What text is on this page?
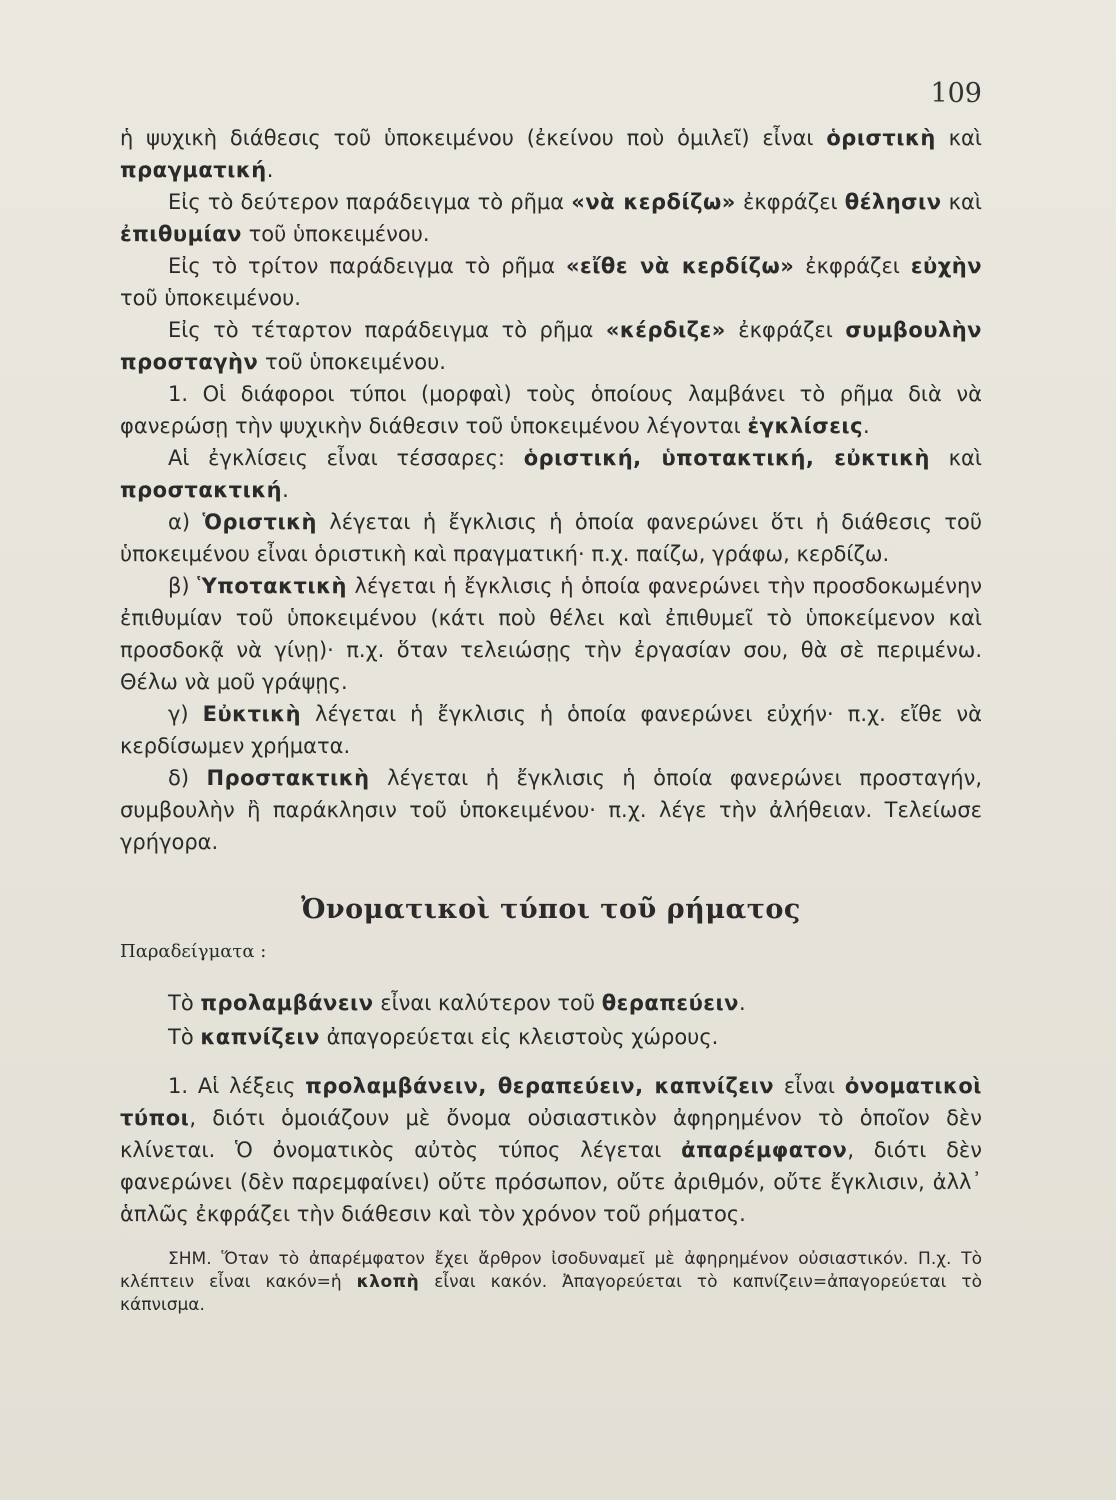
109

ἡ ψυχικὴ διάθεσις τοῦ ὑποκειμένου (ἐκείνου ποὺ ὁμιλεῖ) εἶναι ὁριστικὴ καὶ πραγματική.

Εἰς τὸ δεύτερον παράδειγμα τὸ ρῆμα «νὰ κερδίζω» ἐκφράζει θέλησιν καὶ ἐπιθυμίαν τοῦ ὑποκειμένου.

Εἰς τὸ τρίτον παράδειγμα τὸ ρῆμα «εἴθε νὰ κερδίζω» ἐκφράζει εὐχὴν τοῦ ὑποκειμένου.

Εἰς τὸ τέταρτον παράδειγμα τὸ ρῆμα «κέρδιζε» ἐκφράζει συμβουλὴν προσταγὴν τοῦ ὑποκειμένου.

1. Οἱ διάφοροι τύποι (μορφαὶ) τοὺς ὁποίους λαμβάνει τὸ ρῆμα διὰ νὰ φανερώσῃ τὴν ψυχικὴν διάθεσιν τοῦ ὑποκειμένου λέγονται ἐγκλίσεις.

Αἱ ἐγκλίσεις εἶναι τέσσαρες: ὁριστική, ὑποτακτική, εὐκτικὴ καὶ προστακτική.

α) Ὁριστικὴ λέγεται ἡ ἔγκλισις ἡ ὁποία φανερώνει ὅτι ἡ διάθεσις τοῦ ὑποκειμένου εἶναι ὁριστικὴ καὶ πραγματική· π.χ. παίζω, γράφω, κερδίζω.

β) Ὑποτακτικὴ λέγεται ἡ ἔγκλισις ἡ ὁποία φανερώνει τὴν προσδοκωμένην ἐπιθυμίαν τοῦ ὑποκειμένου (κάτι ποὺ θέλει καὶ ἐπιθυμεῖ τὸ ὑποκείμενον καὶ προσδοκᾷ νὰ γίνῃ)· π.χ. ὅταν τελειώσῃς τὴν ἐργασίαν σου, θὰ σὲ περιμένω. Θέλω νὰ μοῦ γράψῃς.

γ) Εὐκτικὴ λέγεται ἡ ἔγκλισις ἡ ὁποία φανερώνει εὐχήν· π.χ. εἴθε νὰ κερδίσωμεν χρήματα.

δ) Προστακτικὴ λέγεται ἡ ἔγκλισις ἡ ὁποία φανερώνει προσταγήν, συμβουλὴν ἢ παράκλησιν τοῦ ὑποκειμένου· π.χ. λέγε τὴν ἀλήθειαν. Τελείωσε γρήγορα.

Ὀνοματικοὶ τύποι τοῦ ρήματος
Παραδείγματα :

Τὸ προλαμβάνειν εἶναι καλύτερον τοῦ θεραπεύειν.

Τὸ καπνίζειν ἀπαγορεύεται εἰς κλειστοὺς χώρους.

1. Αἱ λέξεις προλαμβάνειν, θεραπεύειν, καπνίζειν εἶναι ὀνοματικοὶ τύποι, διότι ὁμοιάζουν μὲ ὄνομα οὐσιαστικὸν ἀφηρημένον τὸ ὁποῖον δὲν κλίνεται. Ὁ ὀνοματικὸς αὐτὸς τύπος λέγεται ἀπαρέμφατον, διότι δὲν φανερώνει (δὲν παρεμφαίνει) οὔτε πρόσωπον, οὔτε ἀριθμόν, οὔτε ἔγκλισιν, ἀλλ᾽ ἁπλῶς ἐκφράζει τὴν διάθεσιν καὶ τὸν χρόνον τοῦ ρήματος.

ΣΗΜ. Ὅταν τὸ ἀπαρέμφατον ἔχει ἄρθρον ἰσοδυναμεῖ μὲ ἀφηρημένον οὐσιαστικόν. Π.χ. Τὸ κλέπτειν εἶναι κακόν=ἡ κλοπὴ εἶναι κακόν. Ἀπαγορεύεται τὸ καπνίζειν=ἀπαγορεύεται τὸ κάπνισμα.
